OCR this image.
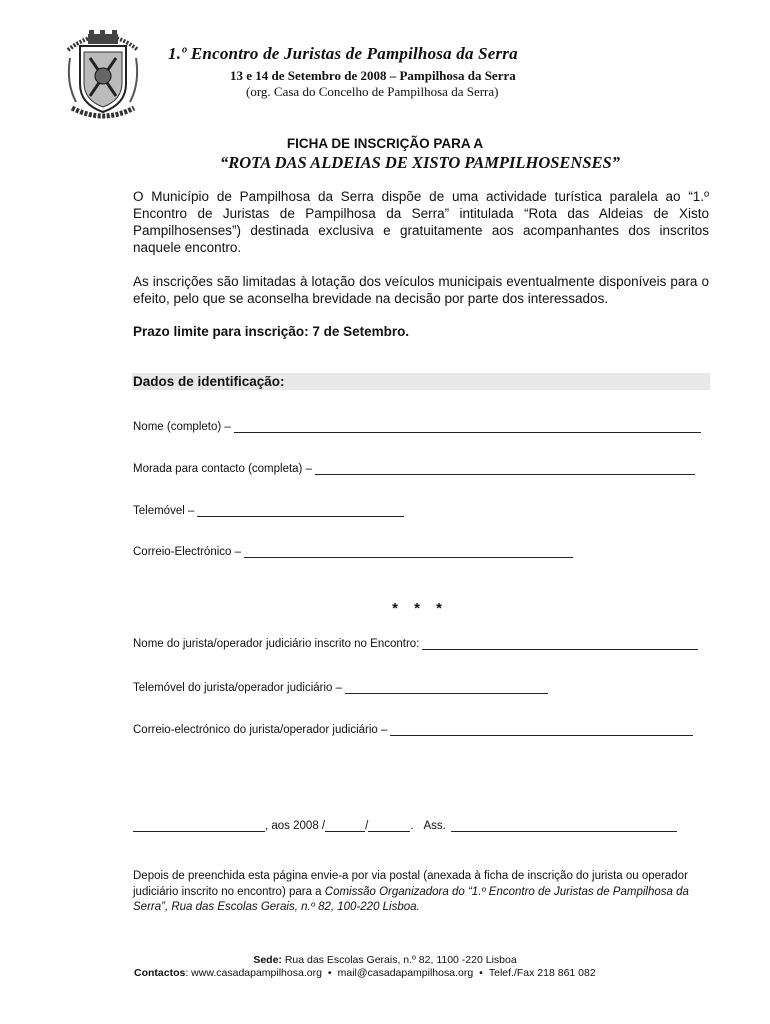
1.º Encontro de Juristas de Pampilhosa da Serra
13 e 14 de Setembro de 2008 – Pampilhosa da Serra
(org. Casa do Concelho de Pampilhosa da Serra)
FICHA DE INSCRIÇÃO PARA A
“ROTA DAS ALDEIAS DE XISTO PAMPILHOSENSES”
O Município de Pampilhosa da Serra dispõe de uma actividade turística paralela ao “1.º Encontro de Juristas de Pampilhosa da Serra” intitulada “Rota das Aldeias de Xisto Pampilhosenses”) destinada exclusiva e gratuitamente aos acompanhantes dos inscritos naquele encontro.
As inscrições são limitadas à lotação dos veículos municipais eventualmente disponíveis para o efeito, pelo que se aconselha brevidade na decisão por parte dos interessados.
Prazo limite para inscrição: 7 de Setembro.
Dados de identificação:
Nome (completo) –
Morada para contacto (completa) –
Telemóvel –
Correio-Electrónico –
* * *
Nome do jurista/operador judiciário inscrito no Encontro:
Telemóvel do jurista/operador judiciário –
Correio-electrónico do jurista/operador judiciário –
, aos 2008 /	/	. Ass.
Depois de preenchida esta página envie-a por via postal (anexada à ficha de inscrição do jurista ou operador judiciário inscrito no encontro) para a Comissão Organizadora do “1.º Encontro de Juristas de Pampilhosa da Serra”, Rua das Escolas Gerais, n.º 82, 100-220 Lisboa.
Sede: Rua das Escolas Gerais, n.º 82, 1100 -220 Lisboa
Contactos: www.casadapampilhosa.org • mail@casadapampilhosa.org • Telef./Fax 218 861 082
